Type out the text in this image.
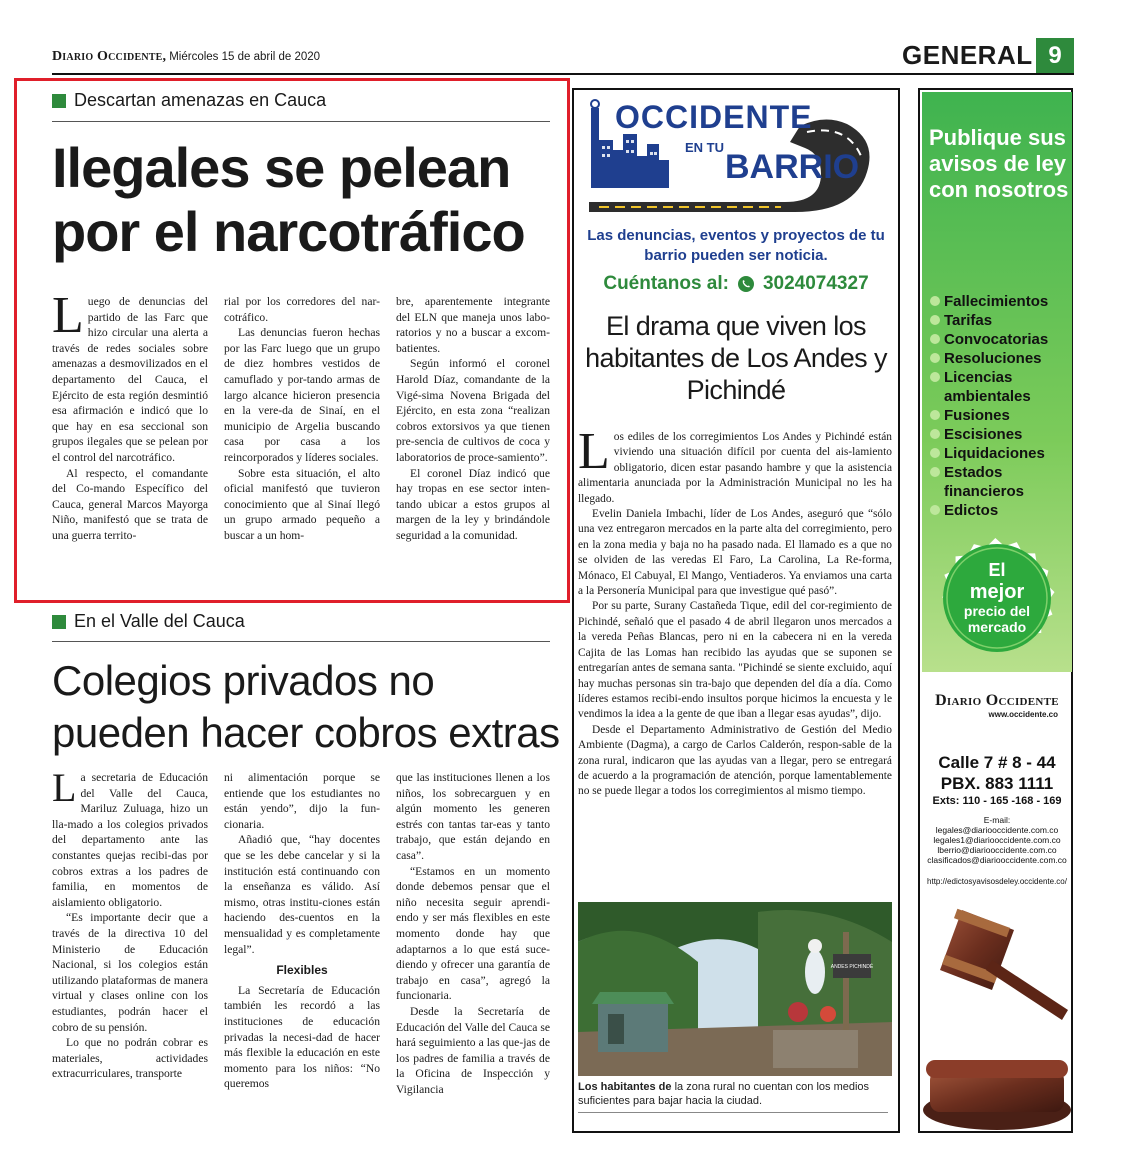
Diario Occidente, Miércoles 15 de abril de 2020	GENERAL 9
Descartan amenazas en Cauca
Ilegales se pelean por el narcotráfico

Luego de denuncias del partido de las Farc que hizo circular una alerta a través de redes sociales sobre amenazas a desmovilizados en el departamento del Cauca, el Ejército de esta región desmintió esa afirmación e indicó que lo que hay en esa seccional son grupos ilegales que se pelean por el control del narcotráfico.

Al respecto, el comandante del Co-mando Específico del Cauca, general Marcos Mayorga Niño, manifestó que se trata de una guerra territo-

rial por los corredores del nar-cotráfico.

Las denuncias fueron hechas por las Farc luego que un grupo de diez hombres vestidos de camuflado y por-tando armas de largo alcance hicieron presencia en la vere-da de Sinaí, en el municipio de Argelia buscando casa por casa a los reincorporados y líderes sociales.

Sobre esta situación, el alto oficial manifestó que tuvieron conocimiento que al Sinaí llegó un grupo armado pequeño a buscar a un hom-

bre, aparentemente integrante del ELN que maneja unos labo-ratorios y no a buscar a excom-batientes.

Según informó el coronel Harold Díaz, comandante de la Vigé-sima Novena Brigada del Ejército, en esta zona “realizan cobros extorsivos ya que tienen pre-sencia de cultivos de coca y laboratorios de proce-samiento”.

El coronel Díaz indicó que hay tropas en ese sector inten-tando ubicar a estos grupos al margen de la ley y brindándole seguridad a la comunidad.

En el Valle del Cauca
Colegios privados no pueden hacer cobros extras

La secretaria de Educación del Valle del Cauca, Mariluz Zuluaga, hizo un lla-mado a los colegios privados del departamento ante las constantes quejas recibi-das por cobros extras a los padres de familia, en momentos de aislamiento obligatorio.

“Es importante decir que a través de la directiva 10 del Ministerio de Educación Nacional, si los colegios están utilizando plataformas de manera virtual y clases online con los estudiantes, podrán hacer el cobro de su pensión.

Lo que no podrán cobrar es materiales, actividades extracurriculares, transporte

ni alimentación porque se entiende que los estudiantes no están yendo”, dijo la fun-cionaria.

Añadió que, “hay docentes que se les debe cancelar y si la institución está continuando con la enseñanza es válido. Así mismo, otras institu-ciones están haciendo des-cuentos en la mensualidad y es completamente legal”.

Flexibles

La Secretaría de Educación también les recordó a las instituciones de educación privadas la necesi-dad de hacer más flexible la educación en este momento para los niños: “No queremos

que las instituciones llenen a los niños, los sobrecarguen y en algún momento les generen estrés con tantas tar-eas y tanto trabajo, que están dejando en casa”.

“Estamos en un momento donde debemos pensar que el niño necesita seguir aprendi-endo y ser más flexibles en este momento donde hay que adaptarnos a lo que está suce-diendo y ofrecer una garantía de trabajo en casa”, agregó la funcionaria.

Desde la Secretaría de Educación del Valle del Cauca se hará seguimiento a las que-jas de los padres de familia a través de la Oficina de Inspección y Vigilancia

OCCIDENTE
EN TU
BARRIO
Las denuncias, eventos y proyectos de tu barrio pueden ser noticia.
Cuéntanos al: 3024074327
El drama que viven los habitantes de Los Andes y Pichindé

Los ediles de los corregimientos Los Andes y Pichindé están viviendo una situación difícil por cuenta del ais-lamiento obligatorio, dicen estar pasando hambre y que la asistencia alimentaria anunciada por la Administración Municipal no les ha llegado.

Evelin Daniela Imbachi, líder de Los Andes, aseguró que “sólo una vez entregaron mercados en la parte alta del corregimiento, pero en la zona media y baja no ha pasado nada. El llamado es a que no se olviden de las veredas El Faro, La Carolina, La Re-forma, Mónaco, El Cabuyal, El Mango, Ventiaderos. Ya enviamos una carta a la Personería Municipal para que investigue qué pasó”.

Por su parte, Surany Castañeda Tique, edil del cor-regimiento de Pichindé, señaló que el pasado 4 de abril llegaron unos mercados a la vereda Peñas Blancas, pero ni en la cabecera ni en la vereda Cajita de las Lomas han recibido las ayudas que se suponen se entregarían antes de semana santa. "Pichindé se siente excluido, aquí hay muchas personas sin tra-bajo que dependen del día a día. Como líderes estamos recibi-endo insultos porque hicimos la encuesta y le vendimos la idea a la gente de que iban a llegar esas ayudas”, dijo.

Desde el Departamento Administrativo de Gestión del Medio Ambiente (Dagma), a cargo de Carlos Calderón, respon-sable de la zona rural, indicaron que las ayudas van a llegar, pero se entregará de acuerdo a la programación de atención, porque lamentablemente no se puede llegar a todos los corregimientos al mismo tiempo.

ANDES PICHINDÉ
Los habitantes de la zona rural no cuentan con los medios suficientes para bajar hacia la ciudad.
Publique sus avisos de ley con nosotros
Fallecimientos
Tarifas
Convocatorias
Resoluciones
Licencias ambientales
Fusiones
Escisiones
Liquidaciones
Estados financieros
Edictos
El
mejor
precio del
mercado
Diario Occidente
www.occidente.co
Calle 7 # 8 - 44
PBX. 883 1111
Exts: 110 - 165 -168 - 169
E-mail:
legales@diariooccidente.com.co
legales1@diariooccidente.com.co
lberrio@diariooccidente.com.co
clasificados@diariooccidente.com.co
http://edictosyavisosdeley.occidente.co/
